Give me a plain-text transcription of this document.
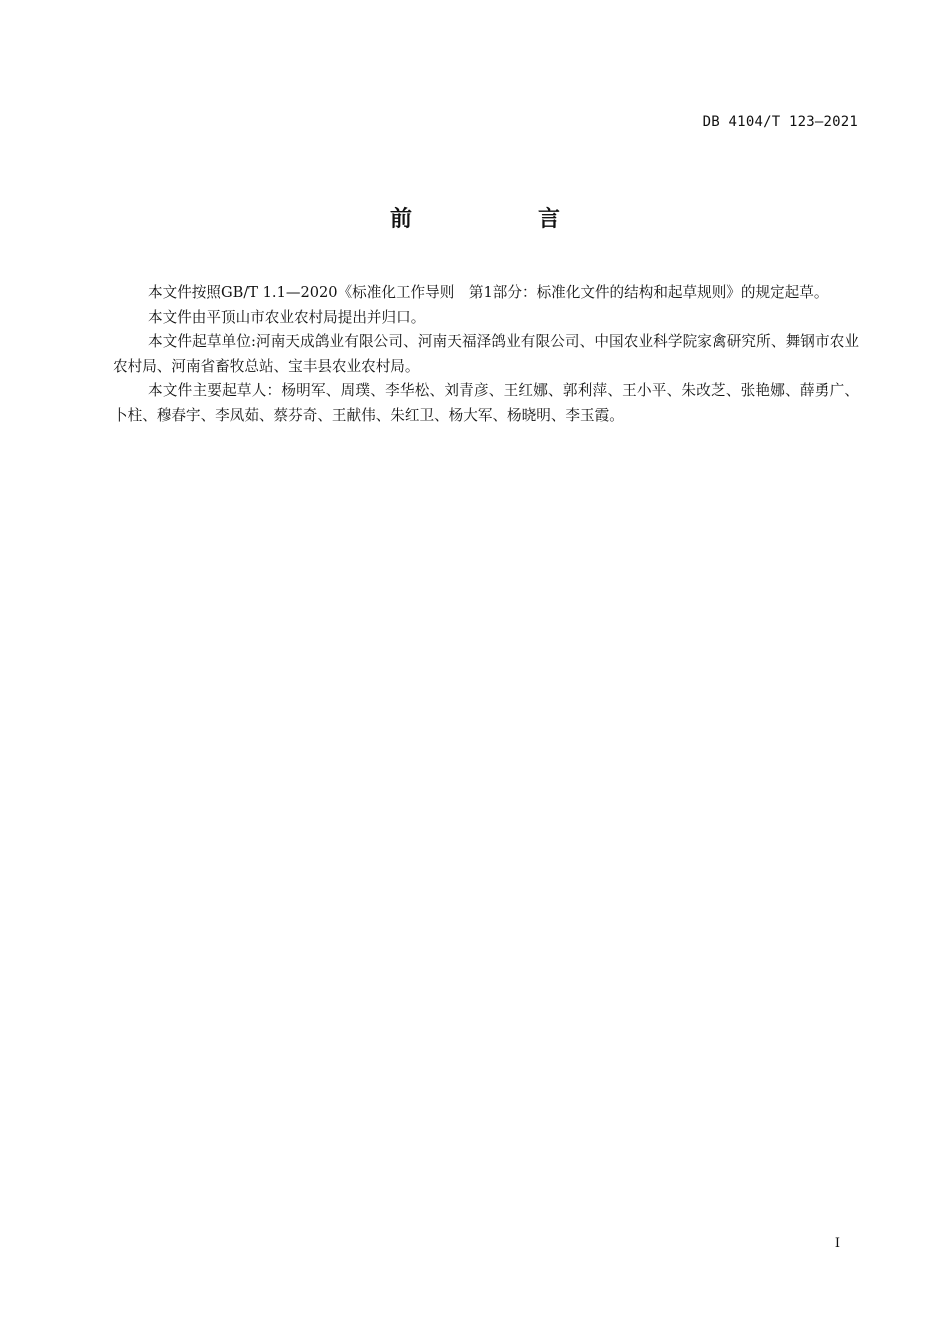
DB 4104/T 123—2021
前　言

本文件按照GB/T 1.1—2020《标准化工作导则　第1部分：标准化文件的结构和起草规则》的规定起草。

本文件由平顶山市农业农村局提出并归口。

本文件起草单位:河南天成鸽业有限公司、河南天福泽鸽业有限公司、中国农业科学院家禽研究所、舞钢市农业农村局、河南省畜牧总站、宝丰县农业农村局。

本文件主要起草人：杨明军、周璞、李华松、刘青彦、王红娜、郭利萍、王小平、朱改芝、张艳娜、薛勇广、卜柱、穆春宇、李凤茹、蔡芬奇、王献伟、朱红卫、杨大军、杨晓明、李玉霞。

I
